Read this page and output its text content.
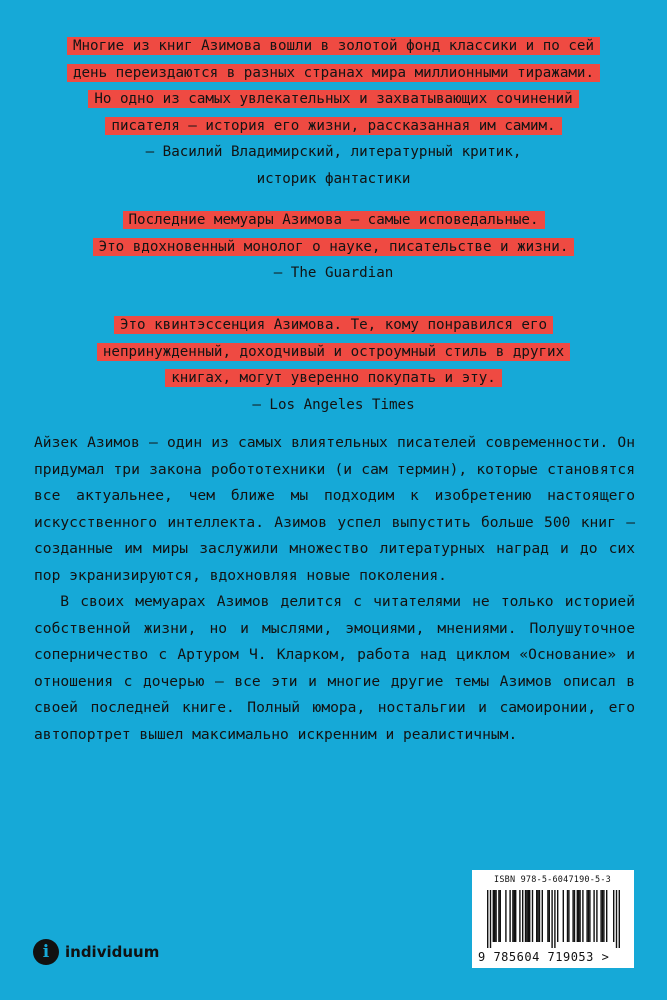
Многие из книг Азимова вошли в золотой фонд классики и по сей
день переиздаются в разных странах мира миллионными тиражами.
Но одно из самых увлекательных и захватывающих сочинений
писателя — история его жизни, рассказанная им самим.
— Василий Владимирский, литературный критик,
историк фантастики
Последние мемуары Азимова — самые исповедальные.
Это вдохновенный монолог о науке, писательстве и жизни.
— The Guardian
Это квинтэссенция Азимова. Те, кому понравился его
непринужденный, доходчивый и остроумный стиль в других
книгах, могут уверенно покупать и эту.
— Los Angeles Times

Айзек Азимов — один из самых влиятельных писателей современности. Он придумал три закона робототехники (и сам термин), которые становятся все актуальнее, чем ближе мы подходим к изобретению настоящего искусственного интеллекта. Азимов успел выпустить больше 500 книг — созданные им миры заслужили множество литературных наград и до сих пор экранизируются, вдохновляя новые поколения.

В своих мемуарах Азимов делится с читателями не только историей собственной жизни, но и мыслями, эмоциями, мнениями. Полушуточное соперничество с Артуром Ч. Кларком, работа над циклом «Основание» и отношения с дочерью — все эти и многие другие темы Азимов описал в своей последней книге. Полный юмора, ностальгии и самоиронии, его автопортрет вышел максимально искренним и реалистичным.

ISBN 978-5-6047190-5-3
9 785604 719053 >
i	individuum
